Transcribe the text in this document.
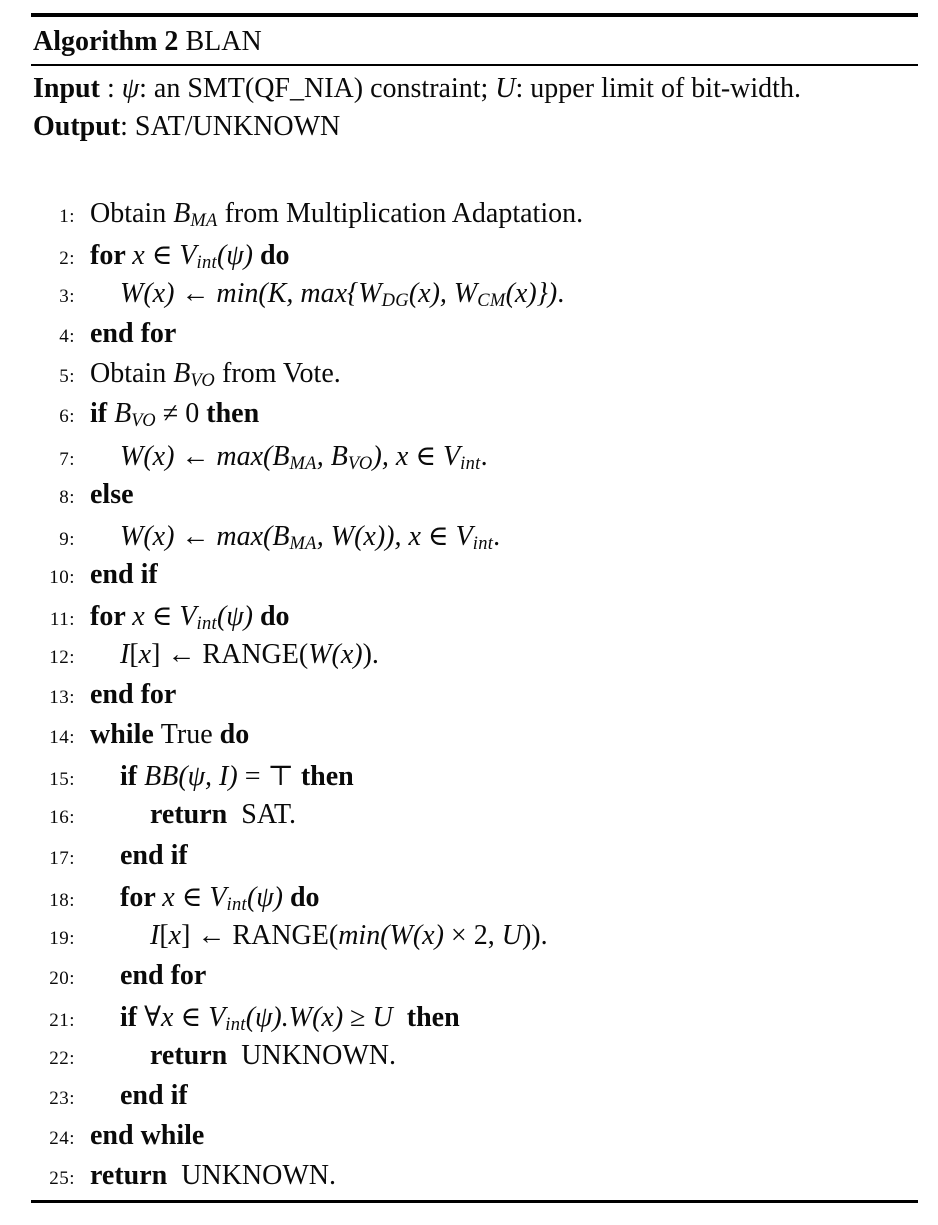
Algorithm 2 BLAN
Input : ψ: an SMT(QF_NIA) constraint; U: upper limit of bit-width.
Output: SAT/UNKNOWN
1: Obtain BMA from Multiplication Adaptation.
2: for x ∈ Vint(ψ) do
3:	W(x) ← min(K, max{WDG(x), WCM(x)}).
4: end for
5: Obtain BVO from Vote.
6: if BVO ≠ 0 then
7:	W(x) ← max(BMA, BVO), x ∈ Vint.
8: else
9:	W(x) ← max(BMA, W(x)), x ∈ Vint.
10: end if
11: for x ∈ Vint(ψ) do
12:	I[x] ← RANGE(W(x)).
13: end for
14: while True do
15:	if BB(ψ, I) = ⊤ then
16:	return  SAT.
17:	end if
18:	for x ∈ Vint(ψ) do
19:	I[x] ← RANGE(min(W(x) × 2, U)).
20:	end for
21:	if ∀x ∈ Vint(ψ).W(x) ≥ U then
22:	return  UNKNOWN.
23:	end if
24: end while
25: return  UNKNOWN.
